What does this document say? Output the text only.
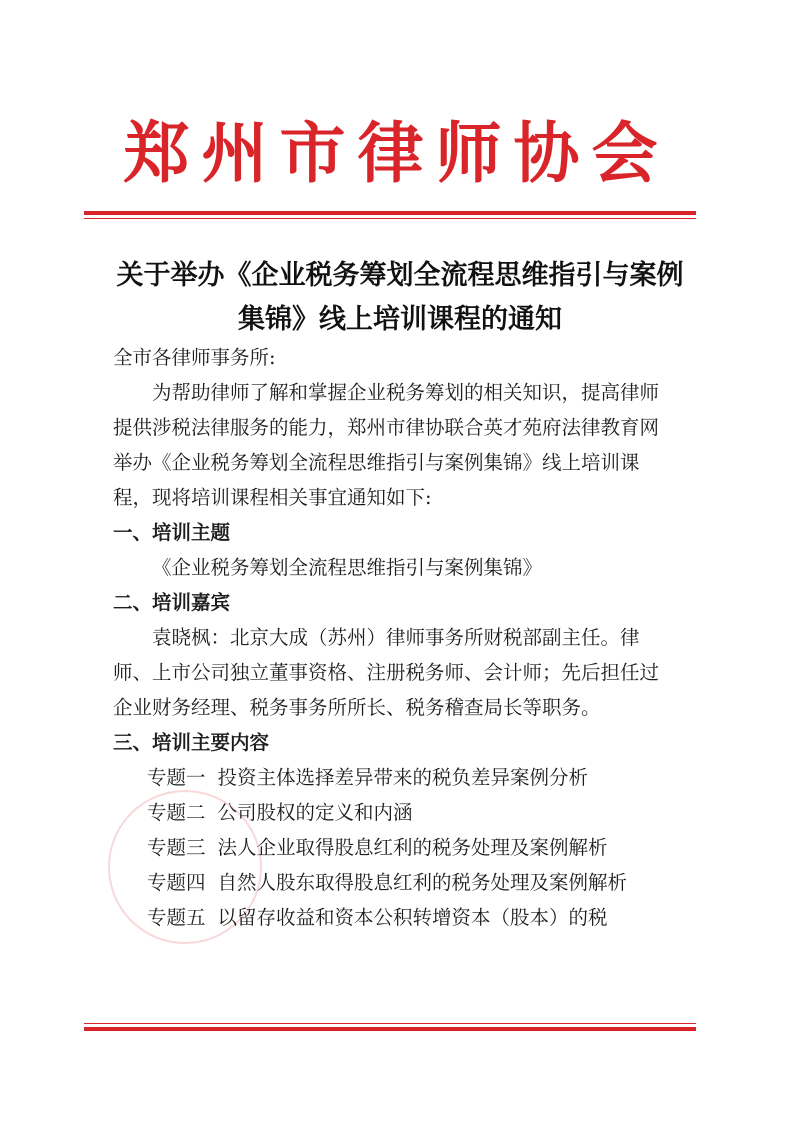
郑州市律师协会
关于举办《企业税务筹划全流程思维指引与案例
集锦》线上培训课程的通知

全市各律师事务所:

为帮助律师了解和掌握企业税务筹划的相关知识，提高律师提供涉税法律服务的能力，郑州市律协联合英才苑府法律教育网举办《企业税务筹划全流程思维指引与案例集锦》线上培训课程，现将培训课程相关事宜通知如下:

一、培训主题

《企业税务筹划全流程思维指引与案例集锦》

二、培训嘉宾

袁晓枫：北京大成（苏州）律师事务所财税部副主任。律师、上市公司独立董事资格、注册税务师、会计师；先后担任过企业财务经理、税务事务所所长、税务稽查局长等职务。

三、培训主要内容

专题一 投资主体选择差异带来的税负差异案例分析

专题二 公司股权的定义和内涵

专题三 法人企业取得股息红利的税务处理及案例解析

专题四 自然人股东取得股息红利的税务处理及案例解析

专题五 以留存收益和资本公积转增资本（股本）的税
